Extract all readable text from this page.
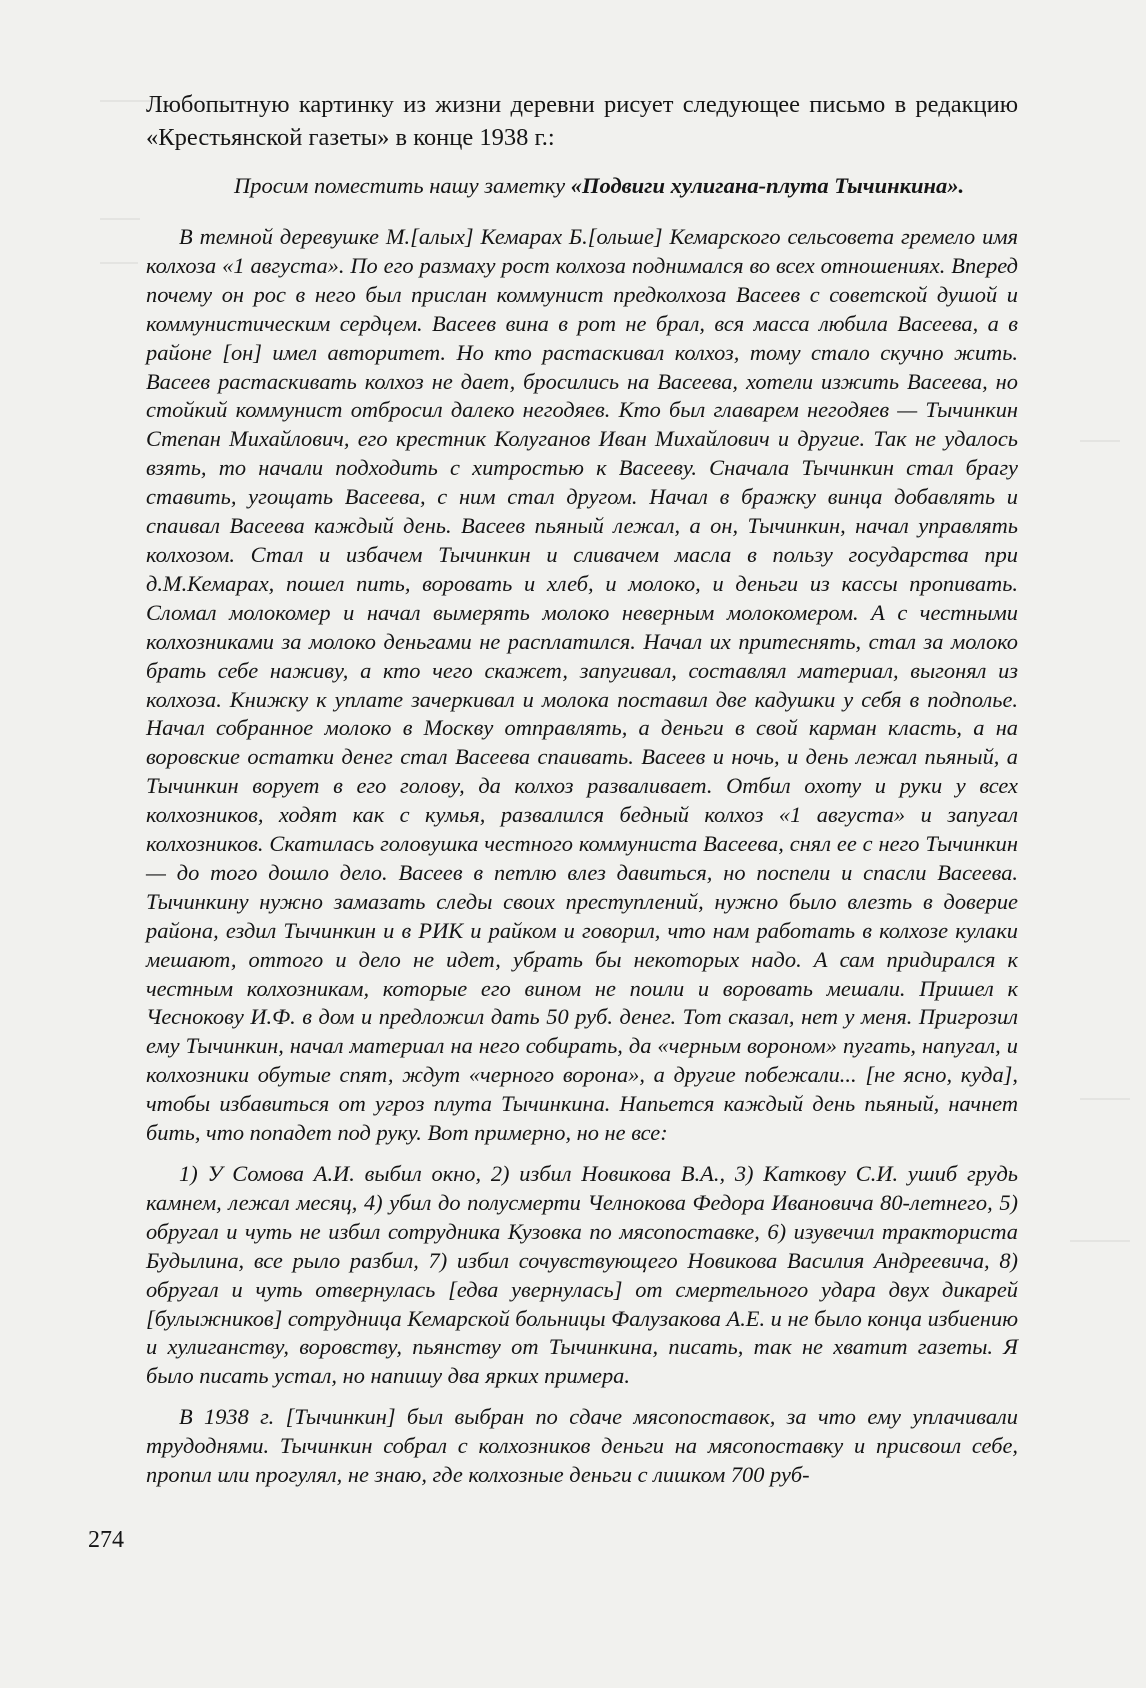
Любопытную картинку из жизни деревни рисует следующее письмо в редакцию «Крестьянской газеты» в конце 1938 г.:

Просим поместить нашу заметку «Подвиги хулигана-плута Тычинкина».

В темной деревушке М.[алых] Кемарах Б.[ольше] Кемарского сельсовета гремело имя колхоза «1 августа». По его размаху рост колхоза поднимался во всех отношениях. Вперед почему он рос в него был прислан коммунист предколхоза Васеев с советской душой и коммунистическим сердцем. Васеев вина в рот не брал, вся масса любила Васеева, а в районе [он] имел авторитет. Но кто растаскивал колхоз, тому стало скучно жить. Васеев растаскивать колхоз не дает, бросились на Васеева, хотели изжить Васеева, но стойкий коммунист отбросил далеко негодяев. Кто был главарем негодяев — Тычинкин Степан Михайлович, его крестник Колуганов Иван Михайлович и другие. Так не удалось взять, то начали подходить с хитростью к Васееву. Сначала Тычинкин стал брагу ставить, угощать Васеева, с ним стал другом. Начал в бражку винца добавлять и спаивал Васеева каждый день. Васеев пьяный лежал, а он, Тычинкин, начал управлять колхозом. Стал и избачем Тычинкин и сливачем масла в пользу государства при д.М.Кемарах, пошел пить, воровать и хлеб, и молоко, и деньги из кассы пропивать. Сломал молокомер и начал вымерять молоко неверным молокомером. А с честными колхозниками за молоко деньгами не расплатился. Начал их притеснять, стал за молоко брать себе наживу, а кто чего скажет, запугивал, составлял материал, выгонял из колхоза. Книжку к уплате зачеркивал и молока поставил две кадушки у себя в подполье. Начал собранное молоко в Москву отправлять, а деньги в свой карман класть, а на воровские остатки денег стал Васеева спаивать. Васеев и ночь, и день лежал пьяный, а Тычинкин ворует в его голову, да колхоз разваливает. Отбил охоту и руки у всех колхозников, ходят как с кумья, развалился бедный колхоз «1 августа» и запугал колхозников. Скатилась головушка честного коммуниста Васеева, снял ее с него Тычинкин — до того дошло дело. Васеев в петлю влез давиться, но поспели и спасли Васеева. Тычинкину нужно замазать следы своих преступлений, нужно было влезть в доверие района, ездил Тычинкин и в РИК и райком и говорил, что нам работать в колхозе кулаки мешают, оттого и дело не идет, убрать бы некоторых надо. А сам придирался к честным колхозникам, которые его вином не поили и воровать мешали. Пришел к Чеснокову И.Ф. в дом и предложил дать 50 руб. денег. Тот сказал, нет у меня. Пригрозил ему Тычинкин, начал материал на него собирать, да «черным вороном» пугать, напугал, и колхозники обутые спят, ждут «черного ворона», а другие побежали... [не ясно, куда], чтобы избавиться от угроз плута Тычинкина. Напьется каждый день пьяный, начнет бить, что попадет под руку. Вот примерно, но не все:

1) У Сомова А.И. выбил окно, 2) избил Новикова В.А., 3) Каткову С.И. ушиб грудь камнем, лежал месяц, 4) убил до полусмерти Челнокова Федора Ивановича 80-летнего, 5) обругал и чуть не избил сотрудника Кузовка по мясопоставке, 6) изувечил тракториста Будылина, все рыло разбил, 7) избил сочувствующего Новикова Василия Андреевича, 8) обругал и чуть отвернулась [едва увернулась] от смертельного удара двух дикарей [булыжников] сотрудница Кемарской больницы Фалузакова А.Е. и не было конца избиению и хулиганству, воровству, пьянству от Тычинкина, писать, так не хватит газеты. Я было писать устал, но напишу два ярких примера.

В 1938 г. [Тычинкин] был выбран по сдаче мясопоставок, за что ему уплачивали трудоднями. Тычинкин собрал с колхозников деньги на мясопоставку и присвоил себе, пропил или прогулял, не знаю, где колхозные деньги с лишком 700 руб-

274
